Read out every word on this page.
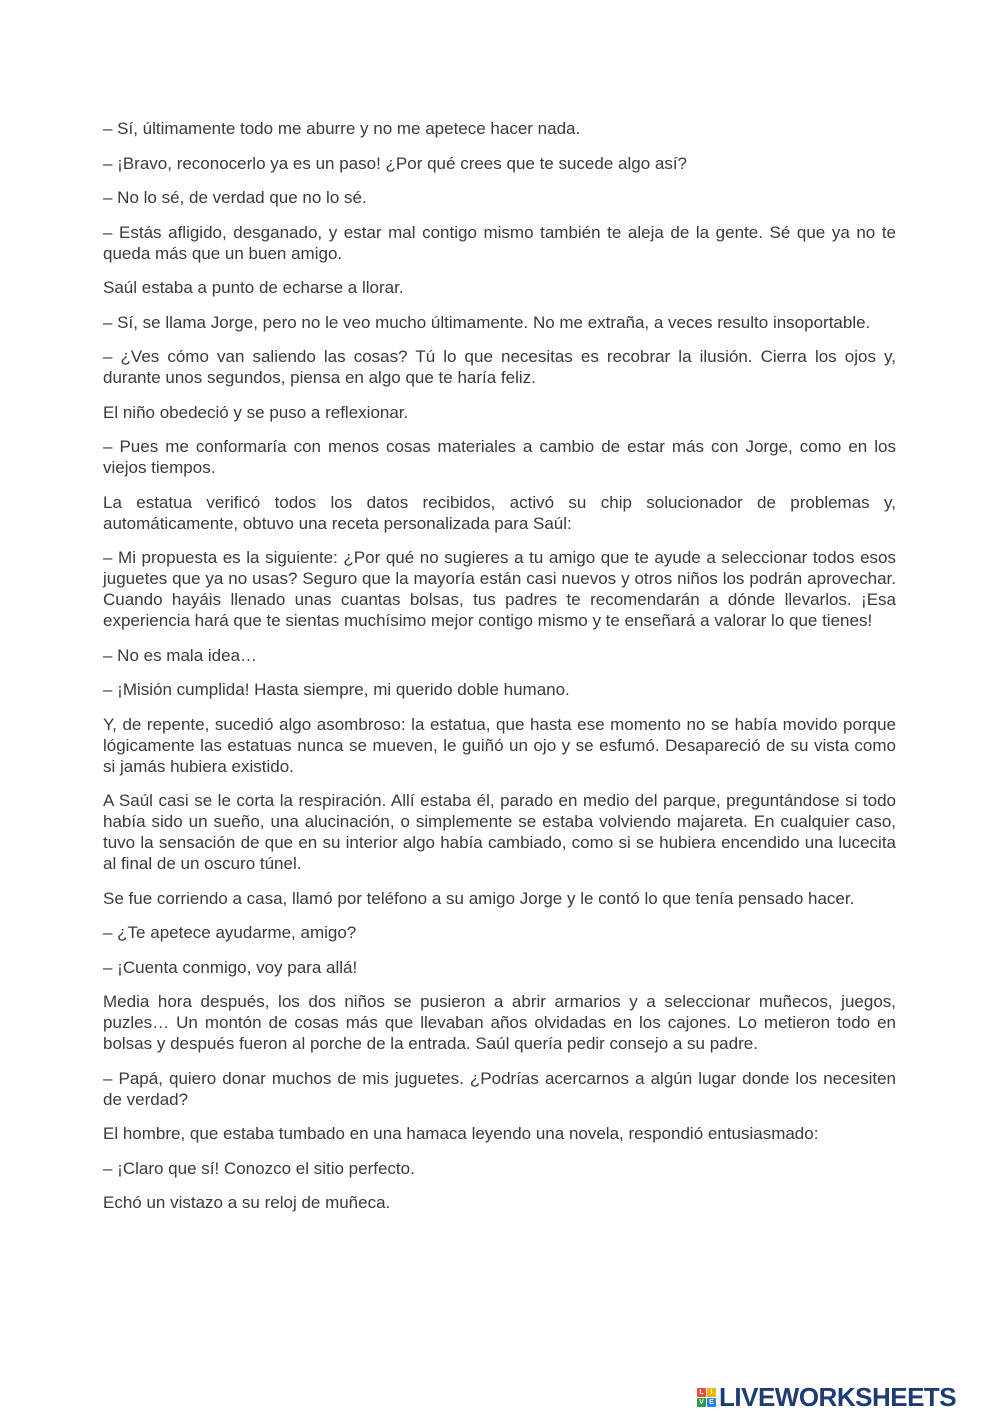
– Sí, últimamente todo me aburre y no me apetece hacer nada.

– ¡Bravo, reconocerlo ya es un paso! ¿Por qué crees que te sucede algo así?

– No lo sé, de verdad que no lo sé.

– Estás afligido, desganado, y estar mal contigo mismo también te aleja de la gente. Sé que ya no te queda más que un buen amigo.

Saúl estaba a punto de echarse a llorar.

– Sí, se llama Jorge, pero no le veo mucho últimamente. No me extraña, a veces resulto insoportable.

– ¿Ves cómo van saliendo las cosas? Tú lo que necesitas es recobrar la ilusión. Cierra los ojos y, durante unos segundos, piensa en algo que te haría feliz.

El niño obedeció y se puso a reflexionar.

– Pues me conformaría con menos cosas materiales a cambio de estar más con Jorge, como en los viejos tiempos.

La estatua verificó todos los datos recibidos, activó su chip solucionador de problemas y, automáticamente, obtuvo una receta personalizada para Saúl:

– Mi propuesta es la siguiente: ¿Por qué no sugieres a tu amigo que te ayude a seleccionar todos esos juguetes que ya no usas? Seguro que la mayoría están casi nuevos y otros niños los podrán aprovechar. Cuando hayáis llenado unas cuantas bolsas, tus padres te recomendarán a dónde llevarlos. ¡Esa experiencia hará que te sientas muchísimo mejor contigo mismo y te enseñará a valorar lo que tienes!

– No es mala idea…

– ¡Misión cumplida! Hasta siempre, mi querido doble humano.

Y, de repente, sucedió algo asombroso: la estatua, que hasta ese momento no se había movido porque lógicamente las estatuas nunca se mueven, le guiñó un ojo y se esfumó. Desapareció de su vista como si jamás hubiera existido.

A Saúl casi se le corta la respiración. Allí estaba él, parado en medio del parque, preguntándose si todo había sido un sueño, una alucinación, o simplemente se estaba volviendo majareta. En cualquier caso, tuvo la sensación de que en su interior algo había cambiado, como si se hubiera encendido una lucecita al final de un oscuro túnel.

Se fue corriendo a casa, llamó por teléfono a su amigo Jorge y le contó lo que tenía pensado hacer.

– ¿Te apetece ayudarme, amigo?

– ¡Cuenta conmigo, voy para allá!

Media hora después, los dos niños se pusieron a abrir armarios y a seleccionar muñecos, juegos, puzles… Un montón de cosas más que llevaban años olvidadas en los cajones. Lo metieron todo en bolsas y después fueron al porche de la entrada. Saúl quería pedir consejo a su padre.

– Papá, quiero donar muchos de mis juguetes. ¿Podrías acercarnos a algún lugar donde los necesiten de verdad?

El hombre, que estaba tumbado en una hamaca leyendo una novela, respondió entusiasmado:

– ¡Claro que sí! Conozco el sitio perfecto.

Echó un vistazo a su reloj de muñeca.

L I
V E LIVEWORKSHEETS
